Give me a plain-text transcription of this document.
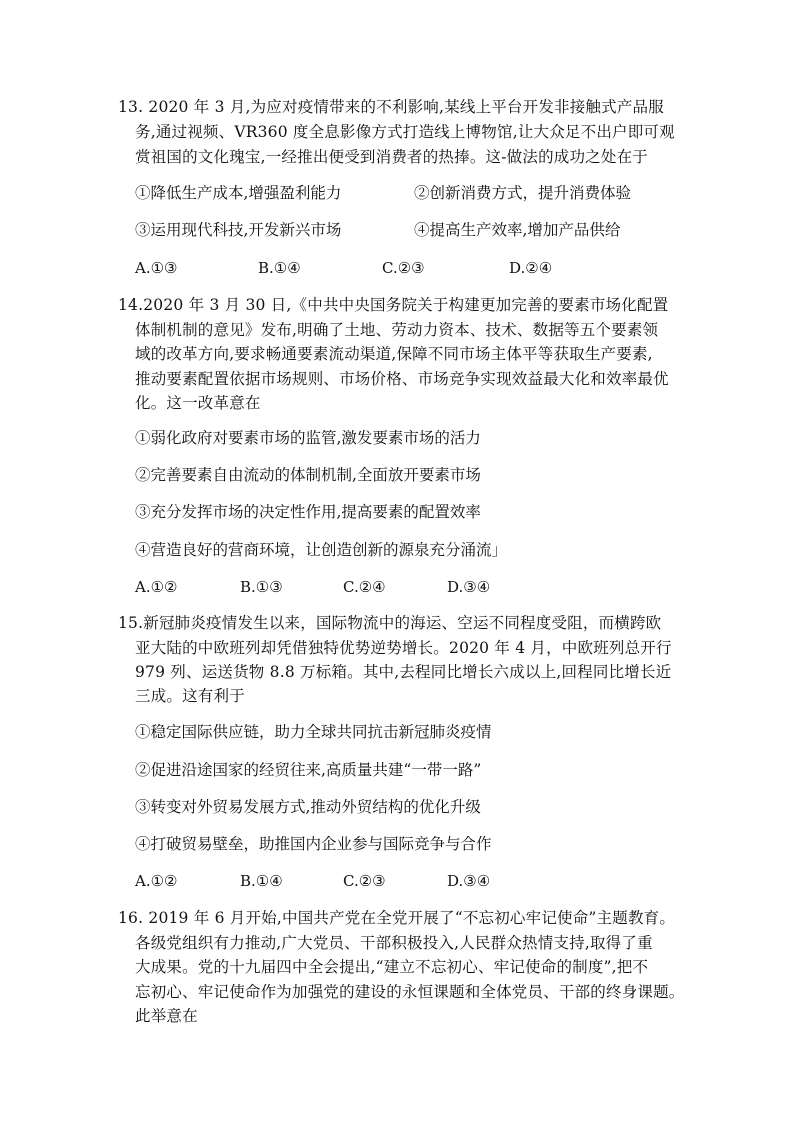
13. 2020 年 3 月,为应对疫情带来的不利影响,某线上平台开发非接触式产品服
务,通过视频、VR360 度全息影像方式打造线上博物馆,让大众足不出户即可观
赏祖国的文化瑰宝,一经推出便受到消费者的热捧。这-做法的成功之处在于
①降低生产成本,增强盈利能力	②创新消费方式，提升消费体验
③运用现代科技,开发新兴市场	④提高生产效率,增加产品供给
A.①③	B.①④	C.②③	D.②④
14.2020 年 3 月 30 日,《中共中央国务院关于构建更加完善的要素市场化配置
体制机制的意见》发布,明确了土地、劳动力资本、技术、数据等五个要素领
域的改革方向,要求畅通要素流动渠道,保障不同市场主体平等获取生产要素,
推动要素配置依据市场规则、市场价格、市场竞争实现效益最大化和效率最优
化。这一改革意在
①弱化政府对要素市场的监管,激发要素市场的活力
②完善要素自由流动的体制机制,全面放开要素市场
③充分发挥市场的决定性作用,提高要素的配置效率
④营造良好的营商环境，让创造创新的源泉充分涌流」
A.①②	B.①③	C.②④	D.③④
15.新冠肺炎疫情发生以来，国际物流中的海运、空运不同程度受阻，而横跨欧
亚大陆的中欧班列却凭借独特优势逆势增长。2020 年 4 月，中欧班列总开行
979 列、运送货物 8.8 万标箱。其中,去程同比增长六成以上,回程同比增长近
三成。这有利于
①稳定国际供应链，助力全球共同抗击新冠肺炎疫情
②促进沿途国家的经贸往来,高质量共建“一带一路”
③转变对外贸易发展方式,推动外贸结构的优化升级
④打破贸易壁垒，助推国内企业参与国际竞争与合作
A.①②	B.①④	C.②③	D.③④
16. 2019 年 6 月开始,中国共产党在全党开展了“不忘初心牢记使命”主题教育。
各级党组织有力推动,广大党员、干部积极投入,人民群众热情支持,取得了重
大成果。党的十九届四中全会提出,“建立不忘初心、牢记使命的制度”,把不
忘初心、牢记使命作为加强党的建设的永恒课题和全体党员、干部的终身课题。
此举意在
